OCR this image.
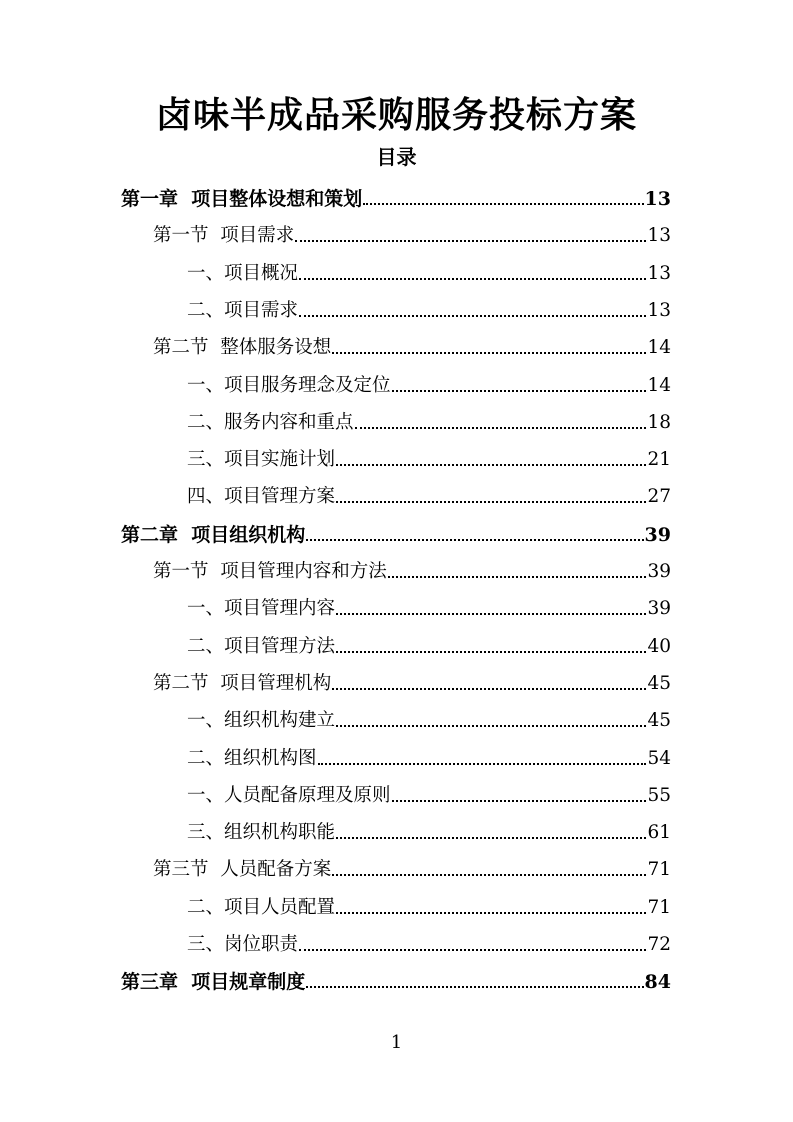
卤味半成品采购服务投标方案
目录
第一章  项目整体设想和策划	13
第一节  项目需求	13
一、项目概况	13
二、项目需求	13
第二节  整体服务设想	14
一、项目服务理念及定位	14
二、服务内容和重点	18
三、项目实施计划	21
四、项目管理方案	27
第二章  项目组织机构	39
第一节  项目管理内容和方法	39
一、项目管理内容	39
二、项目管理方法	40
第二节  项目管理机构	45
一、组织机构建立	45
二、组织机构图	54
一、人员配备原理及原则	55
三、组织机构职能	61
第三节  人员配备方案	71
二、项目人员配置	71
三、岗位职责	72
第三章  项目规章制度	84
1
